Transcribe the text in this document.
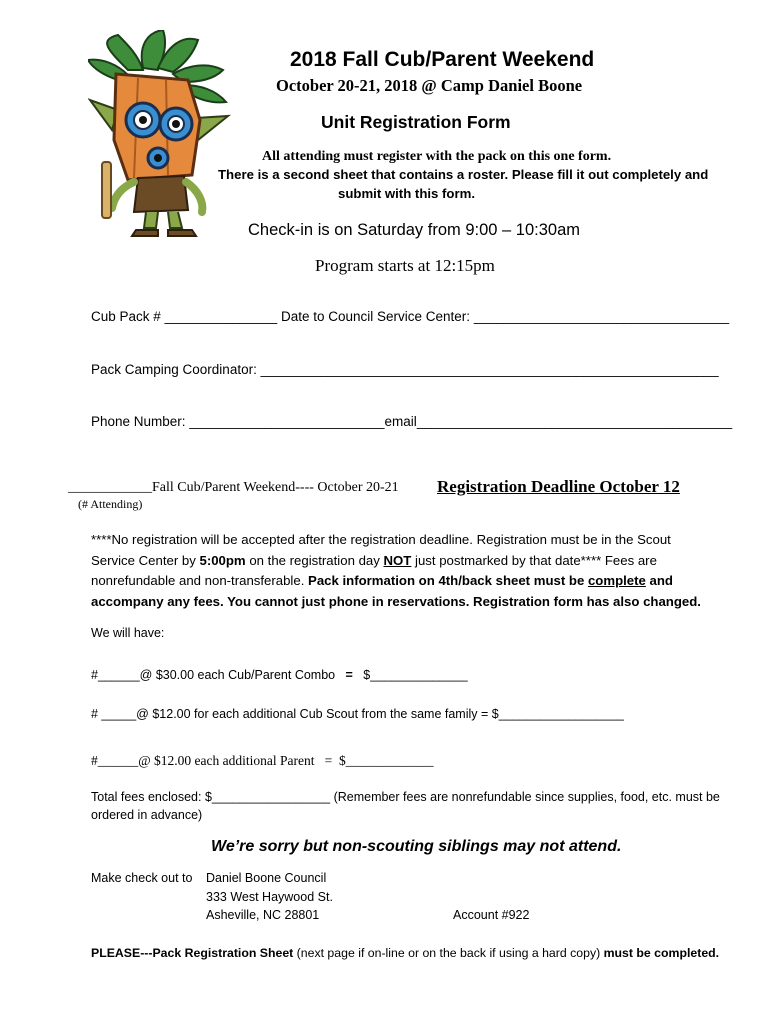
2018 Fall Cub/Parent Weekend
October 20-21, 2018 @ Camp Daniel Boone
Unit Registration Form
All attending must register with the pack on this one form.
There is a second sheet that contains a roster. Please fill it out completely and
submit with this form.
Check-in is on Saturday from 9:00 – 10:30am
Program starts at 12:15pm
Cub Pack # _______________ Date to Council Service Center: __________________________________
Pack Camping Coordinator: _____________________________________________________________
Phone Number: __________________________email__________________________________________
____________Fall Cub/Parent Weekend---- October 20-21 Registration Deadline October 12
(# Attending)
****No registration will be accepted after the registration deadline. Registration must be in the Scout
Service Center by 5:00pm on the registration day NOT just postmarked by that date**** Fees are
nonrefundable and non-transferable. Pack information on 4th/back sheet must be complete and
accompany any fees. You cannot just phone in reservations. Registration form has also changed.
We will have:
#______@ $30.00 each Cub/Parent Combo = $______________
# _____@ $12.00 for each additional Cub Scout from the same family = $__________________
#______@ $12.00 each additional Parent = $_____________
Total fees enclosed: $_________________ (Remember fees are nonrefundable since supplies, food, etc. must be
ordered in advance)
We’re sorry but non-scouting siblings may not attend.
Make check out to Daniel Boone Council
333 West Haywood St.
Asheville, NC 28801	Account #922
PLEASE---Pack Registration Sheet (next page if on-line or on the back if using a hard copy) must be completed.
